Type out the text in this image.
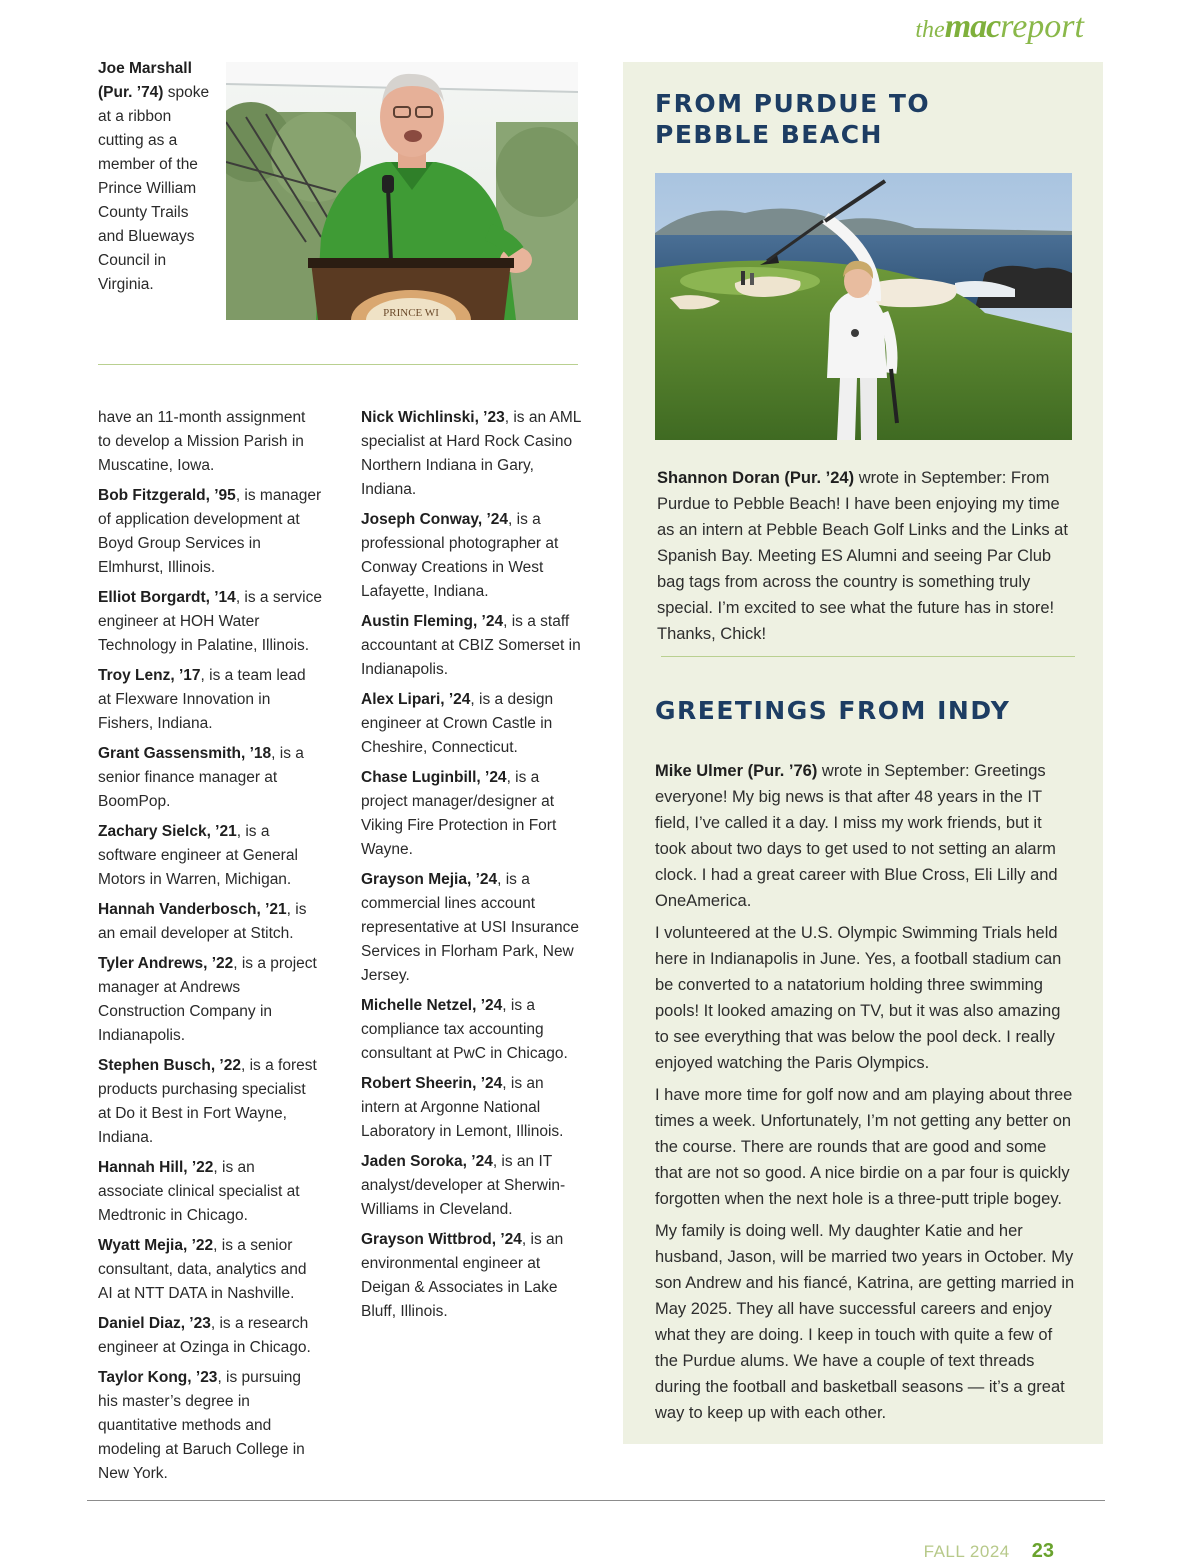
themacreport
Joe Marshall
(Pur. ’74) spoke at a ribbon cutting as a member of the Prince William County Trails and Blueways Council in Virginia.
PRINCE WI

have an 11-month assignment to develop a Mission Parish in Muscatine, Iowa.

Bob Fitzgerald, ’95, is manager of application development at Boyd Group Services in Elmhurst, Illinois.

Elliot Borgardt, ’14, is a service engineer at HOH Water Technology in Palatine, Illinois.

Troy Lenz, ’17, is a team lead at Flexware Innovation in Fishers, Indiana.

Grant Gassensmith, ’18, is a senior finance manager at BoomPop.

Zachary Sielck, ’21, is a software engineer at General Motors in Warren, Michigan.

Hannah Vanderbosch, ’21, is an email developer at Stitch.

Tyler Andrews, ’22, is a project manager at Andrews Construction Company in Indianapolis.

Stephen Busch, ’22, is a forest products purchasing specialist at Do it Best in Fort Wayne, Indiana.

Hannah Hill, ’22, is an associate clinical specialist at Medtronic in Chicago.

Wyatt Mejia, ’22, is a senior consultant, data, analytics and AI at NTT DATA in Nashville.

Daniel Diaz, ’23, is a research engineer at Ozinga in Chicago.

Taylor Kong, ’23, is pursuing his master’s degree in quantitative methods and modeling at Baruch College in New York.

Nick Wichlinski, ’23, is an AML specialist at Hard Rock Casino Northern Indiana in Gary, Indiana.

Joseph Conway, ’24, is a professional photographer at Conway Creations in West Lafayette, Indiana.

Austin Fleming, ’24, is a staff accountant at CBIZ Somerset in Indianapolis.

Alex Lipari, ’24, is a design engineer at Crown Castle in Cheshire, Connecticut.

Chase Luginbill, ’24, is a project manager/designer at Viking Fire Protection in Fort Wayne.

Grayson Mejia, ’24, is a commercial lines account representative at USI Insurance Services in Florham Park, New Jersey.

Michelle Netzel, ’24, is a compliance tax accounting consultant at PwC in Chicago.

Robert Sheerin, ’24, is an intern at Argonne National Laboratory in Lemont, Illinois.

Jaden Soroka, ’24, is an IT analyst/developer at Sherwin-Williams in Cleveland.

Grayson Wittbrod, ’24, is an environmental engineer at Deigan & Associates in Lake Bluff, Illinois.

FROM PURDUE TO
PEBBLE BEACH

Shannon Doran (Pur. ’24) wrote in September: From Purdue to Pebble Beach! I have been enjoying my time as an intern at Pebble Beach Golf Links and the Links at Spanish Bay. Meeting ES Alumni and seeing Par Club bag tags from across the country is something truly special. I’m excited to see what the future has in store! Thanks, Chick!

GREETINGS FROM INDY

Mike Ulmer (Pur. ’76) wrote in September: Greetings everyone! My big news is that after 48 years in the IT field, I’ve called it a day. I miss my work friends, but it took about two days to get used to not setting an alarm clock. I had a great career with Blue Cross, Eli Lilly and OneAmerica.

I volunteered at the U.S. Olympic Swimming Trials held here in Indianapolis in June. Yes, a football stadium can be converted to a natatorium holding three swimming pools! It looked amazing on TV, but it was also amazing to see everything that was below the pool deck. I really enjoyed watching the Paris Olympics.

I have more time for golf now and am playing about three times a week. Unfortunately, I’m not getting any better on the course. There are rounds that are good and some that are not so good. A nice birdie on a par four is quickly forgotten when the next hole is a three-putt triple bogey.

My family is doing well. My daughter Katie and her husband, Jason, will be married two years in October. My son Andrew and his fiancé, Katrina, are getting married in May 2025. They all have successful careers and enjoy what they are doing. I keep in touch with quite a few of the Purdue alums. We have a couple of text threads during the football and basketball seasons — it’s a great way to keep up with each other.

FALL 2024 23
